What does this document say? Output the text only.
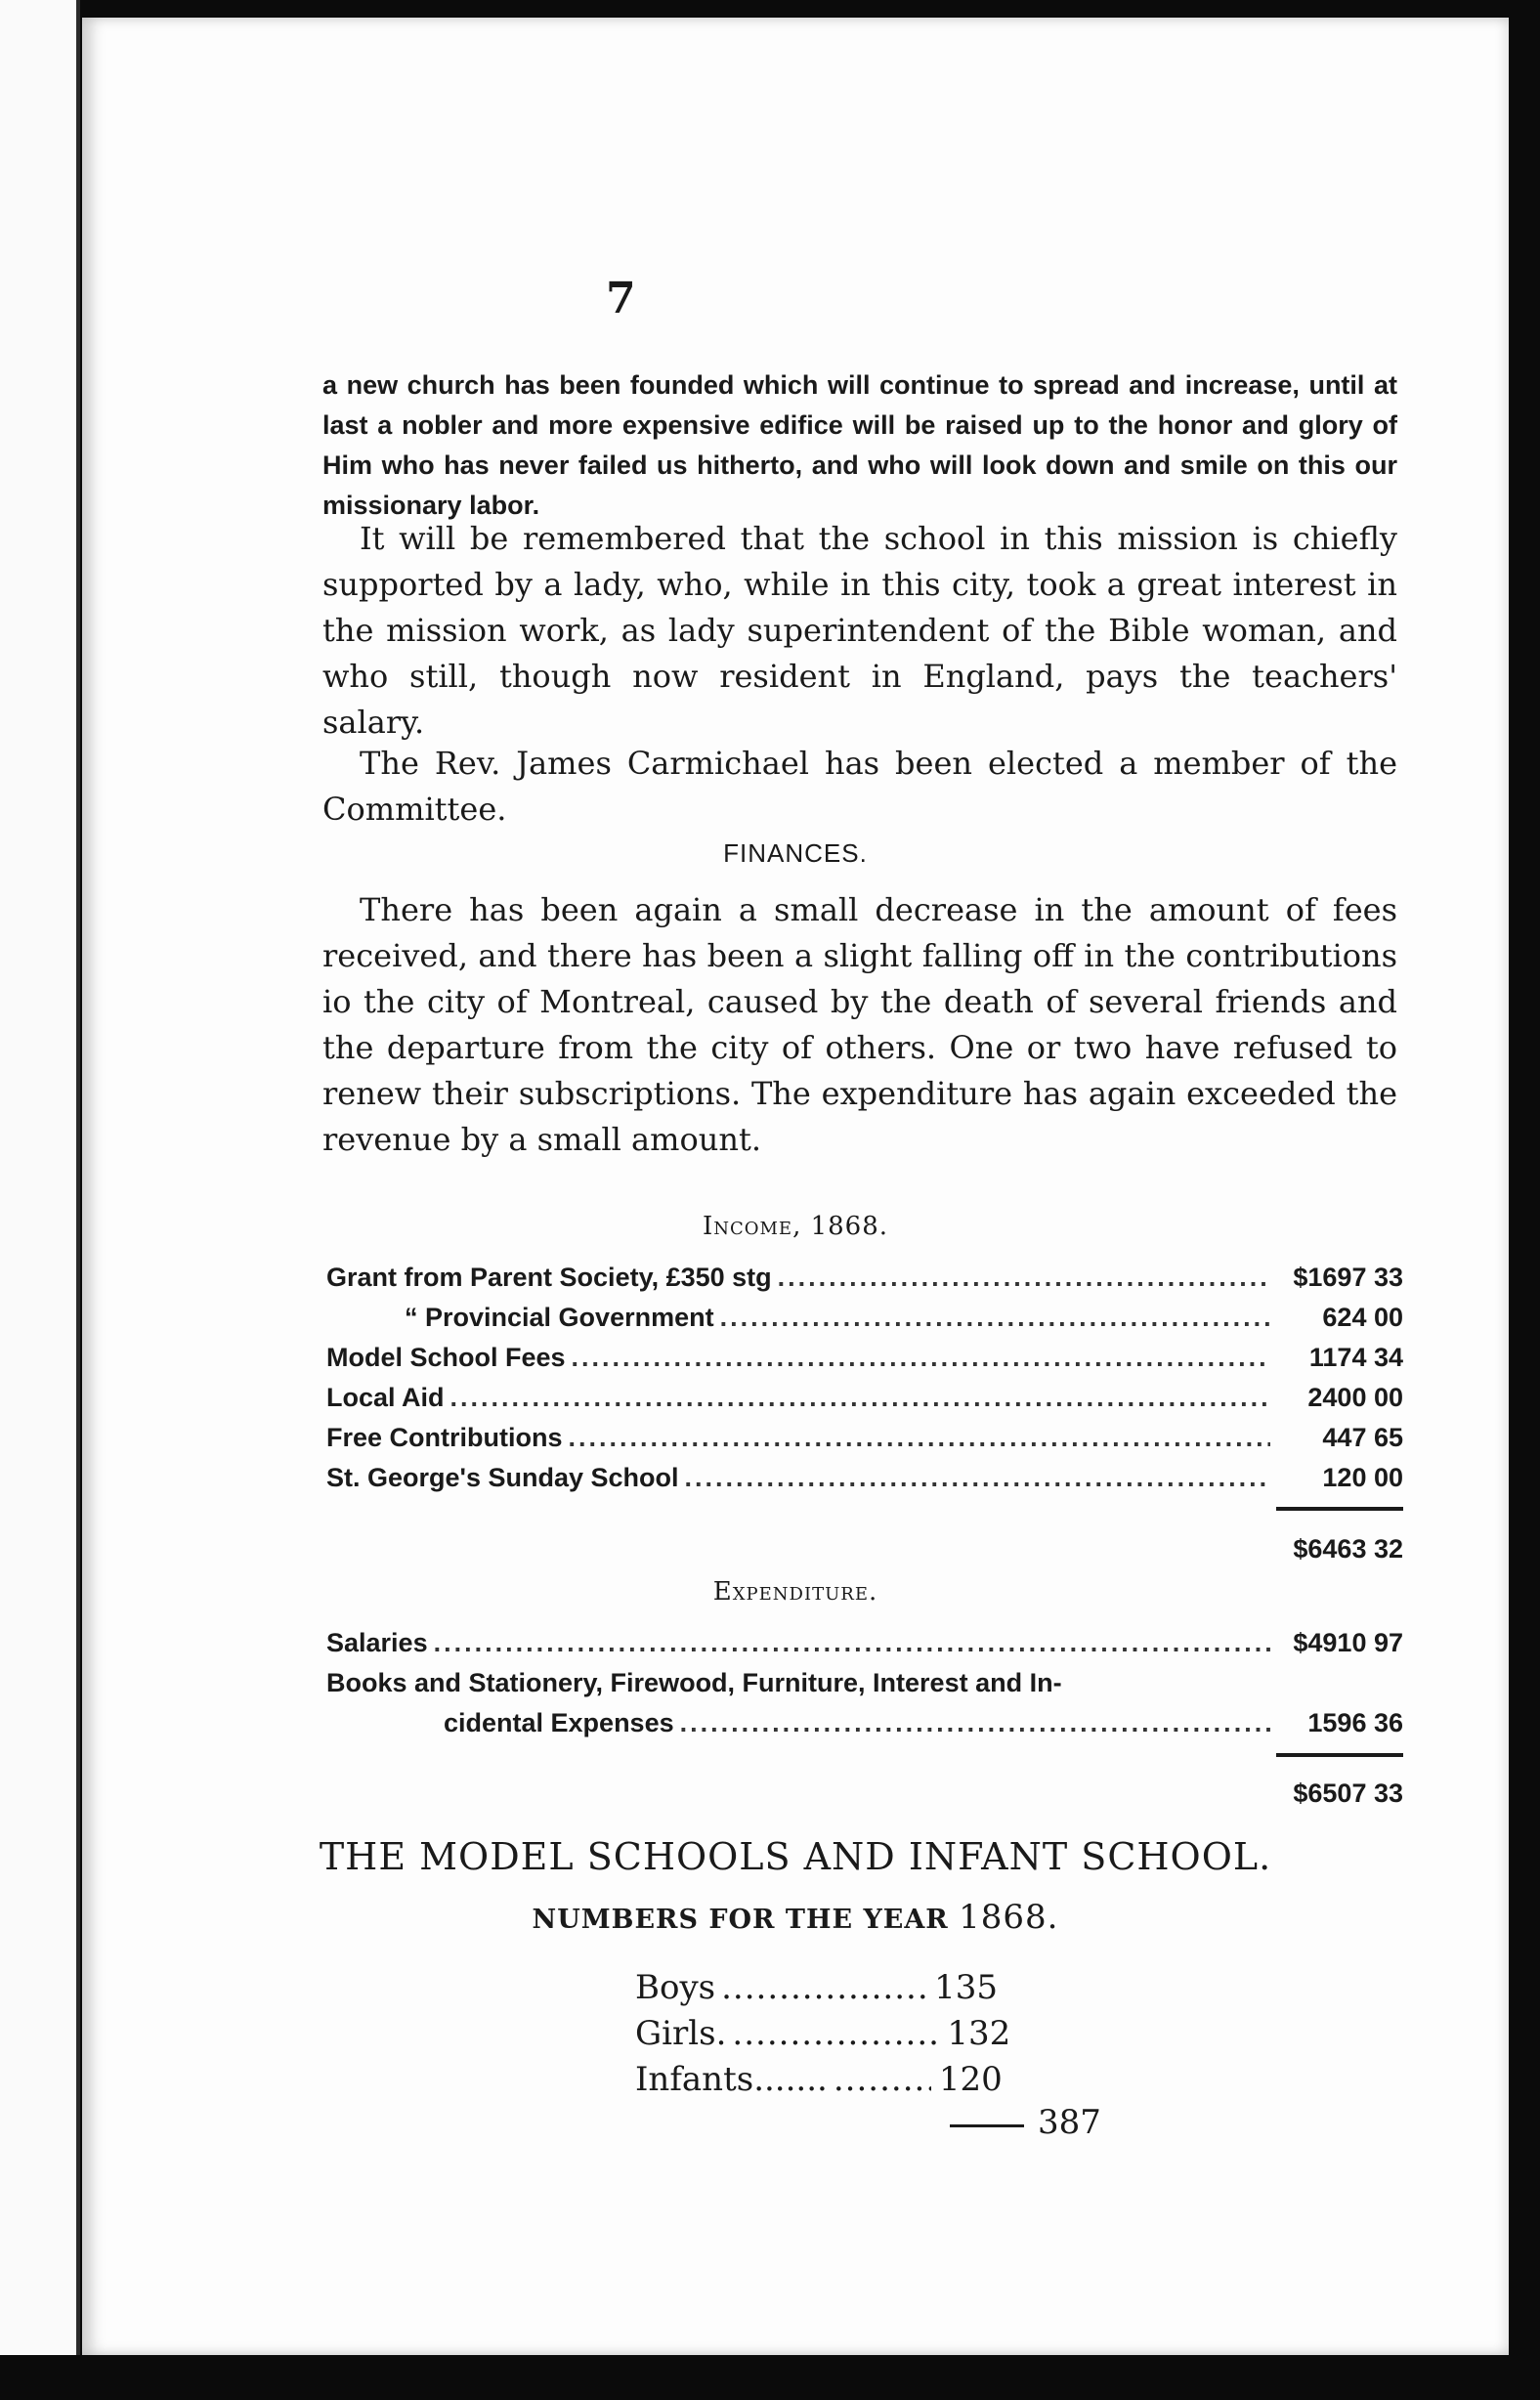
7
a new church has been founded which will continue to spread and increase, until at last a nobler and more expensive edifice will be raised up to the honor and glory of Him who has never failed us hitherto, and who will look down and smile on this our missionary labor.
It will be remembered that the school in this mission is chiefly supported by a lady, who, while in this city, took a great interest in the mission work, as lady superintendent of the Bible woman, and who still, though now resident in England, pays the teachers' salary.
The Rev. James Carmichael has been elected a member of the Committee.
FINANCES.
There has been again a small decrease in the amount of fees received, and there has been a slight falling off in the contributions io the city of Montreal, caused by the death of several friends and the departure from the city of others. One or two have refused to renew their subscriptions. The expenditure has again exceeded the revenue by a small amount.
Income, 1868.
Grant from Parent Society, £350 stg .....	$1697 33
“ Provincial Government .....	624 00
Model School Fees .....	1174 34
Local Aid .....	2400 00
Free Contributions .....	447 65
St. George's Sunday School .....	120 00
$6463 32
Expenditure.
Salaries .....	$4910 97
Books and Stationery, Firewood, Furniture, Interest and In-
cidental Expenses .....	1596 36
$6507 33
THE MODEL SCHOOLS AND INFANT SCHOOL.
NUMBERS FOR THE YEAR 1868.
Boys .....	135
Girls. .....	132
Infants....... .....	120
387
